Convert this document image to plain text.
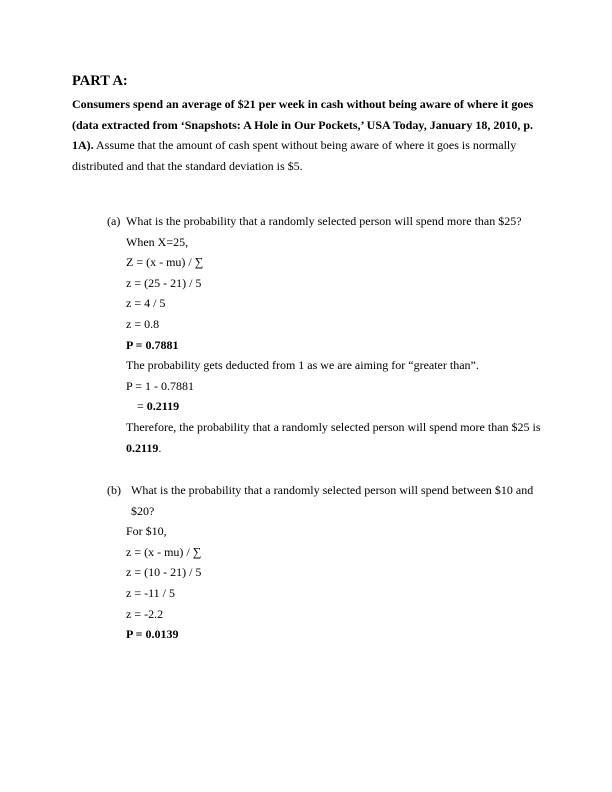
PART A:
Consumers spend an average of $21 per week in cash without being aware of where it goes (data extracted from ‘Snapshots: A Hole in Our Pockets,’ USA Today, January 18, 2010, p. 1A). Assume that the amount of cash spent without being aware of where it goes is normally distributed and that the standard deviation is $5.
(a) What is the probability that a randomly selected person will spend more than $25?
When X=25,
Z = (x - mu) / ∑
z = (25 - 21) / 5
z = 4 / 5
z = 0.8
P = 0.7881
The probability gets deducted from 1 as we are aiming for “greater than”.
P = 1 - 0.7881
= 0.2119
Therefore, the probability that a randomly selected person will spend more than $25 is 0.2119.
(b) What is the probability that a randomly selected person will spend between $10 and $20?
For $10,
z = (x - mu) / ∑
z = (10 - 21) / 5
z = -11 / 5
z = -2.2
P = 0.0139
